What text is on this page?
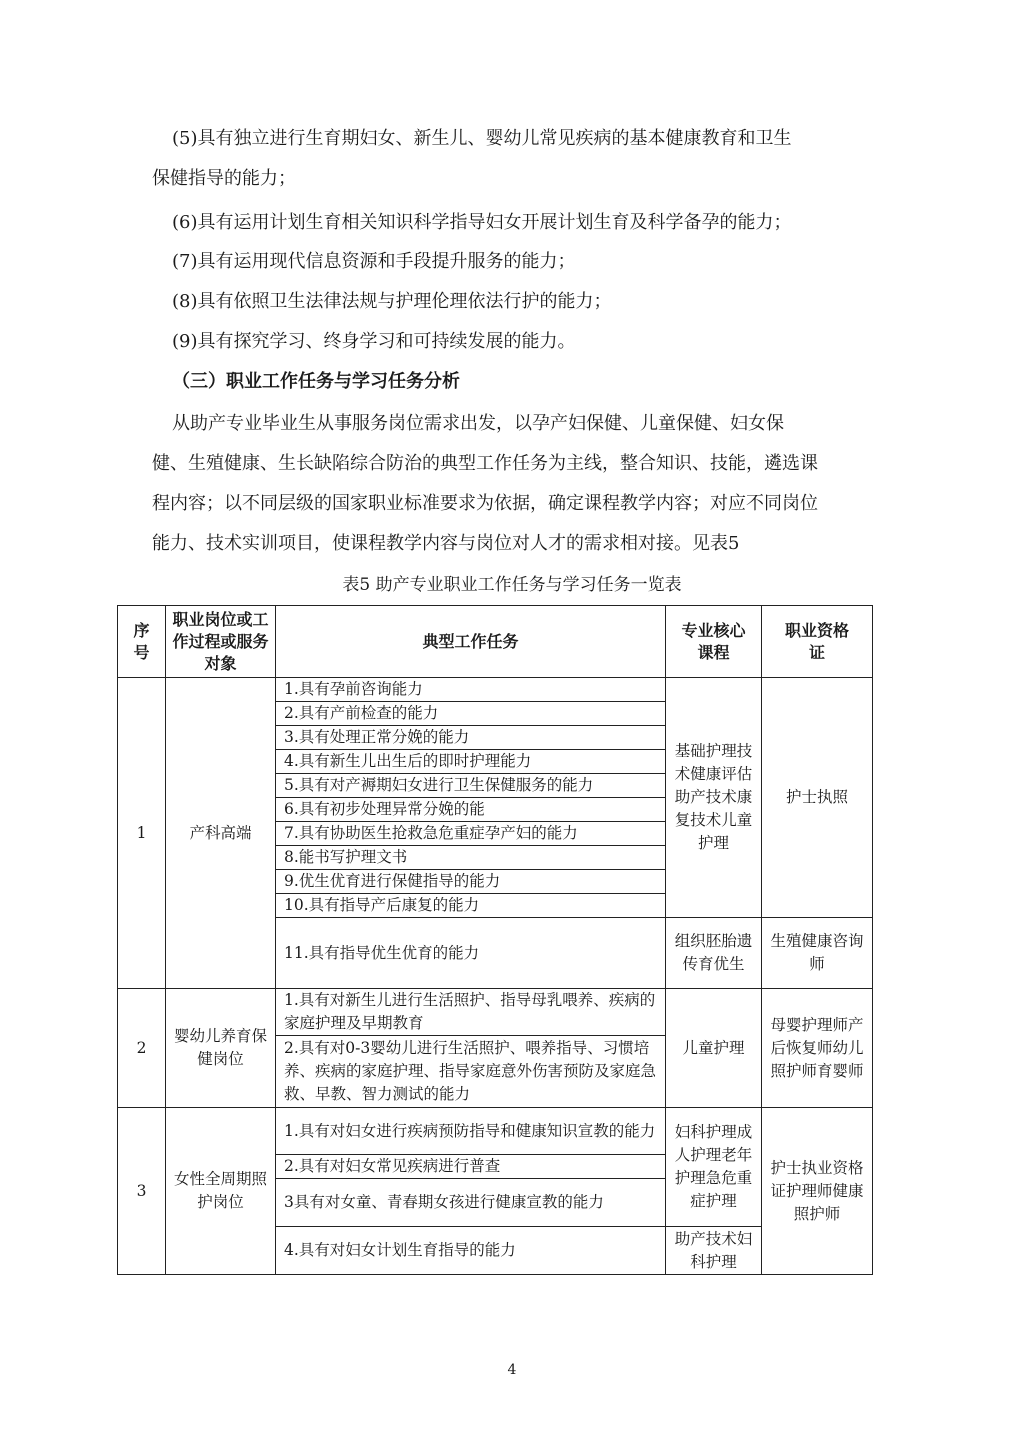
(5)具有独立进行生育期妇女、新生儿、婴幼儿常见疾病的基本健康教育和卫生
保健指导的能力；
(6)具有运用计划生育相关知识科学指导妇女开展计划生育及科学备孕的能力；
(7)具有运用现代信息资源和手段提升服务的能力；
(8)具有依照卫生法律法规与护理伦理依法行护的能力；
(9)具有探究学习、终身学习和可持续发展的能力。
（三）职业工作任务与学习任务分析
从助产专业毕业生从事服务岗位需求出发，以孕产妇保健、儿童保健、妇女保
健、生殖健康、生长缺陷综合防治的典型工作任务为主线，整合知识、技能，遴选课
程内容；以不同层级的国家职业标准要求为依据，确定课程教学内容；对应不同岗位
能力、技术实训项目，使课程教学内容与岗位对人才的需求相对接。见表5
表5 助产专业职业工作任务与学习任务一览表
序号	职业岗位或工作过程或服务对象	典型工作任务	专业核心课程	职业资格证

1	产科高端	1.具有孕前咨询能力	基础护理技术健康评估助产技术康复技术儿童护理	护士执照
		2.具有产前检查的能力		
		3.具有处理正常分娩的能力		
		4.具有新生儿出生后的即时护理能力		
		5.具有对产褥期妇女进行卫生保健服务的能力		
		6.具有初步处理异常分娩的能		
		7.具有协助医生抢救急危重症孕产妇的能力		
		8.能书写护理文书		
		9.优生优育进行保健指导的能力		
		10.具有指导产后康复的能力		
		11.具有指导优生优育的能力	组织胚胎遗传育优生	生殖健康咨询师

2	婴幼儿养育保健岗位	1.具有对新生儿进行生活照护、指导母乳喂养、疾病的家庭护理及早期教育	儿童护理	母婴护理师产后恢复师幼儿照护师育婴师

		2.具有对0-3婴幼儿进行生活照护、喂养指导、习惯培养、疾病的家庭护理、指导家庭意外伤害预防及家庭急救、早教、智力测试的能力		
3	女性全周期照护岗位	1.具有对妇女进行疾病预防指导和健康知识宣教的能力	妇科护理成人护理老年护理急危重症护理	护士执业资格证护理师健康照护师

		2.具有对妇女常见疾病进行普查		
		3具有对女童、青春期女孩进行健康宣教的能力		
		4.具有对妇女计划生育指导的能力	助产技术妇科护理	
4
